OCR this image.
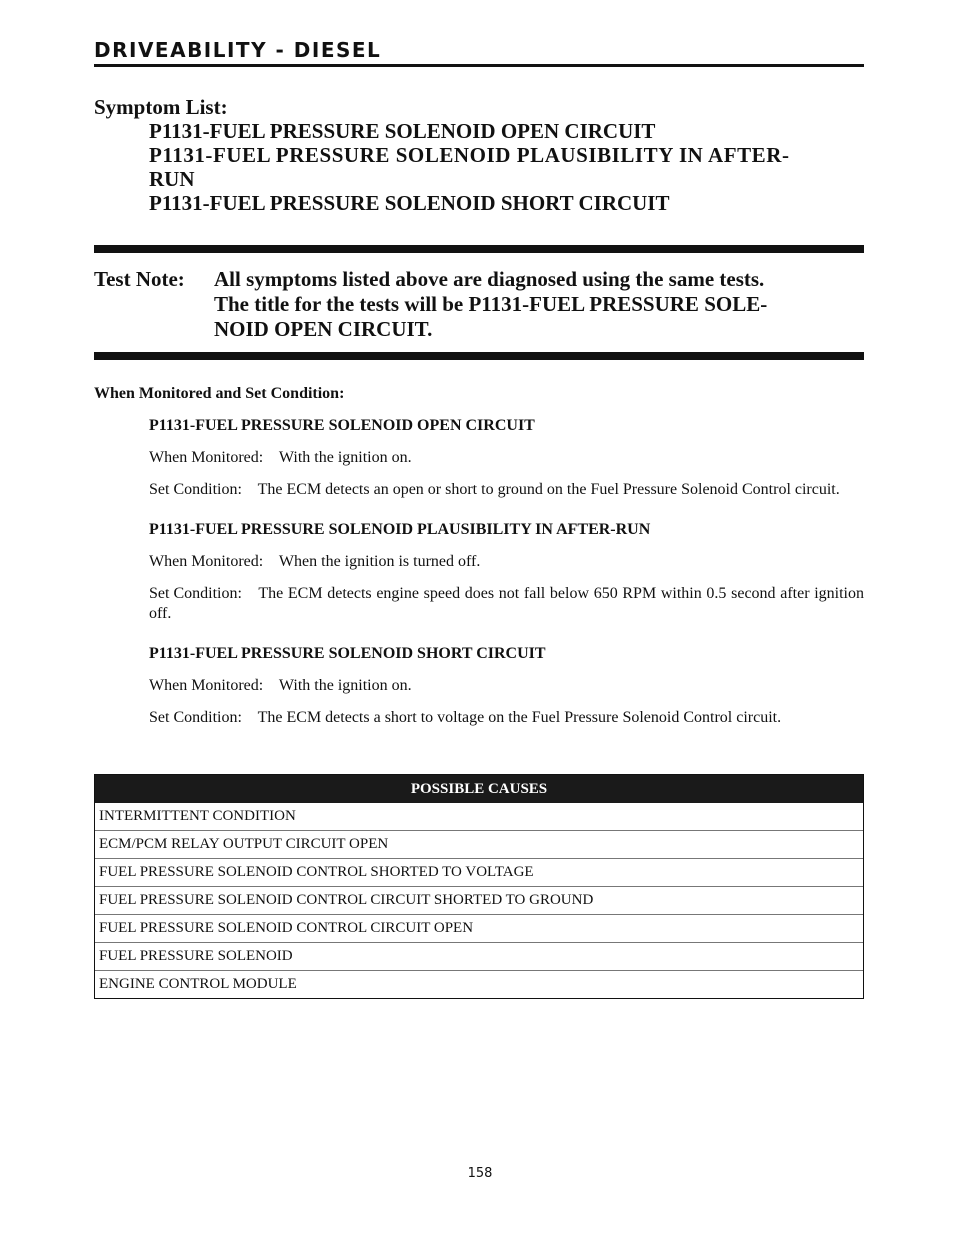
DRIVEABILITY - DIESEL
Symptom List:
P1131-FUEL PRESSURE SOLENOID OPEN CIRCUIT
P1131-FUEL PRESSURE SOLENOID PLAUSIBILITY IN AFTER-
RUN
P1131-FUEL PRESSURE SOLENOID SHORT CIRCUIT
Test Note:	All symptoms listed above are diagnosed using the same tests.
The title for the tests will be P1131-FUEL PRESSURE SOLE-
NOID OPEN CIRCUIT.
When Monitored and Set Condition:
P1131-FUEL PRESSURE SOLENOID OPEN CIRCUIT
When Monitored: With the ignition on.
Set Condition: The ECM detects an open or short to ground on the Fuel Pressure Solenoid Control circuit.
P1131-FUEL PRESSURE SOLENOID PLAUSIBILITY IN AFTER-RUN
When Monitored: When the ignition is turned off.
Set Condition: The ECM detects engine speed does not fall below 650 RPM within 0.5 second after ignition off.
P1131-FUEL PRESSURE SOLENOID SHORT CIRCUIT
When Monitored: With the ignition on.
Set Condition: The ECM detects a short to voltage on the Fuel Pressure Solenoid Control circuit.
POSSIBLE CAUSES
INTERMITTENT CONDITION
ECM/PCM RELAY OUTPUT CIRCUIT OPEN
FUEL PRESSURE SOLENOID CONTROL SHORTED TO VOLTAGE
FUEL PRESSURE SOLENOID CONTROL CIRCUIT SHORTED TO GROUND
FUEL PRESSURE SOLENOID CONTROL CIRCUIT OPEN
FUEL PRESSURE SOLENOID
ENGINE CONTROL MODULE
158
